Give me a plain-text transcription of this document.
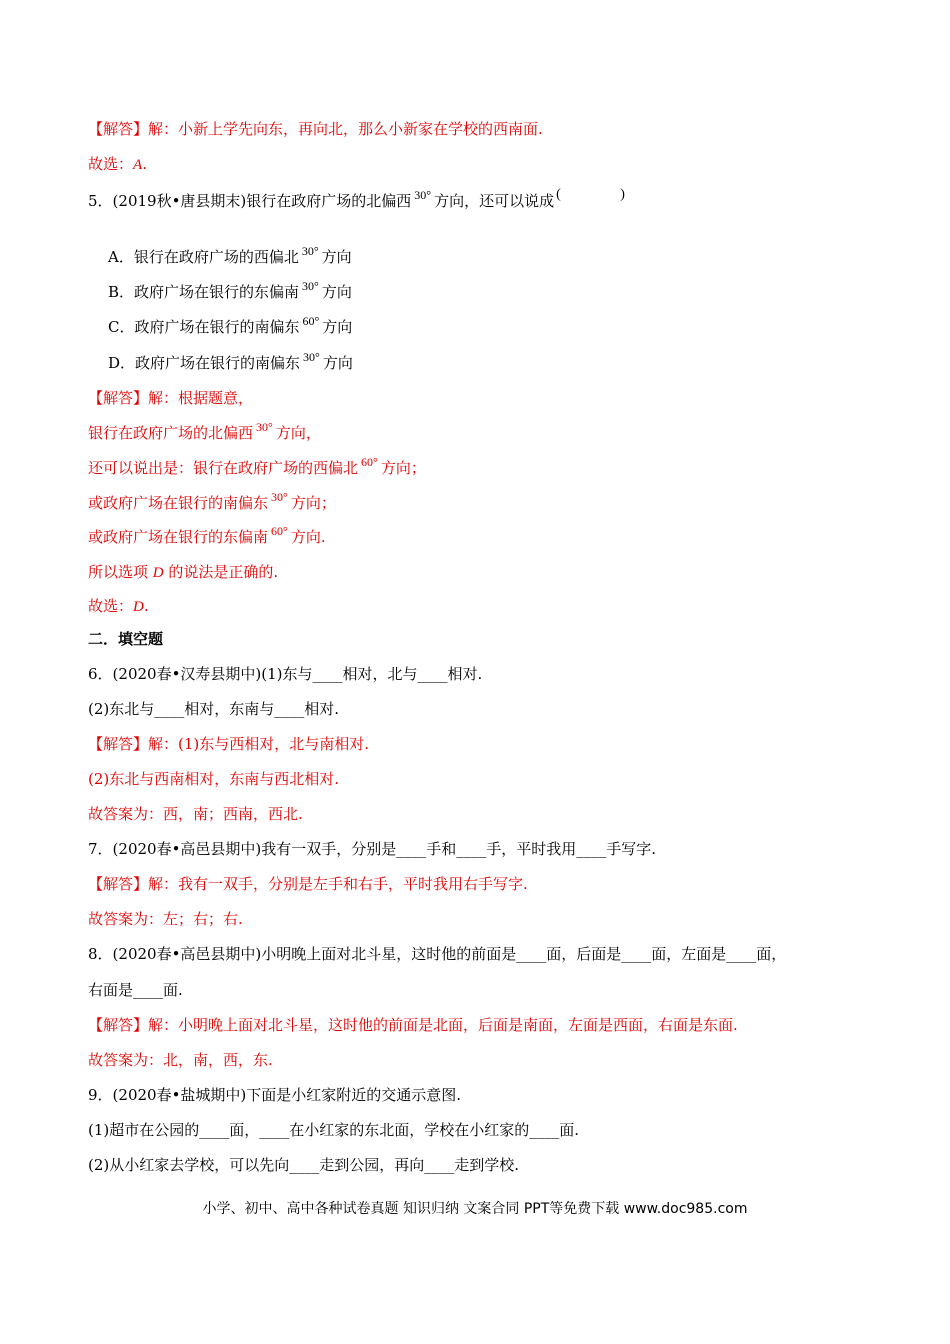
【解答】解：小新上学先向东，再向北，那么小新家在学校的西南面.
故选：A.
5．(2019秋•唐县期末)银行在政府广场的北偏西 $^{30^\circ}$ 方向，还可以说成 ( )
A．银行在政府广场的西偏北 $^{30^\circ}$ 方向
B．政府广场在银行的东偏南 $^{30^\circ}$ 方向
C．政府广场在银行的南偏东 $^{60^\circ}$ 方向
D．政府广场在银行的南偏东 $^{30^\circ}$ 方向
【解答】解：根据题意，
银行在政府广场的北偏西 $^{30^\circ}$ 方向，
还可以说出是：银行在政府广场的西偏北 $^{60^\circ}$ 方向；
或政府广场在银行的南偏东 $^{30^\circ}$ 方向；
或政府广场在银行的东偏南 $^{60^\circ}$ 方向.
所以选项 D 的说法是正确的.
故选：D.
二．填空题
6．(2020春•汉寿县期中)(1)东与____相对，北与____相对.
(2)东北与____相对，东南与____相对.
【解答】解：(1)东与西相对，北与南相对.
(2)东北与西南相对，东南与西北相对.
故答案为：西，南；西南，西北.
7．(2020春•高邑县期中)我有一双手，分别是____手和____手，平时我用____手写字.
【解答】解：我有一双手，分别是左手和右手，平时我用右手写字.
故答案为：左；右；右.
8．(2020春•高邑县期中)小明晚上面对北斗星，这时他的前面是____面，后面是____面，左面是____面，
右面是____面.
【解答】解：小明晚上面对北斗星，这时他的前面是北面，后面是南面，左面是西面，右面是东面.
故答案为：北，南，西，东.
9．(2020春•盐城期中)下面是小红家附近的交通示意图.
(1)超市在公园的____面，____在小红家的东北面，学校在小红家的____面.
(2)从小红家去学校，可以先向____走到公园，再向____走到学校.
小学、初中、高中各种试卷真题 知识归纳 文案合同 PPT等免费下载 www.doc985.com
